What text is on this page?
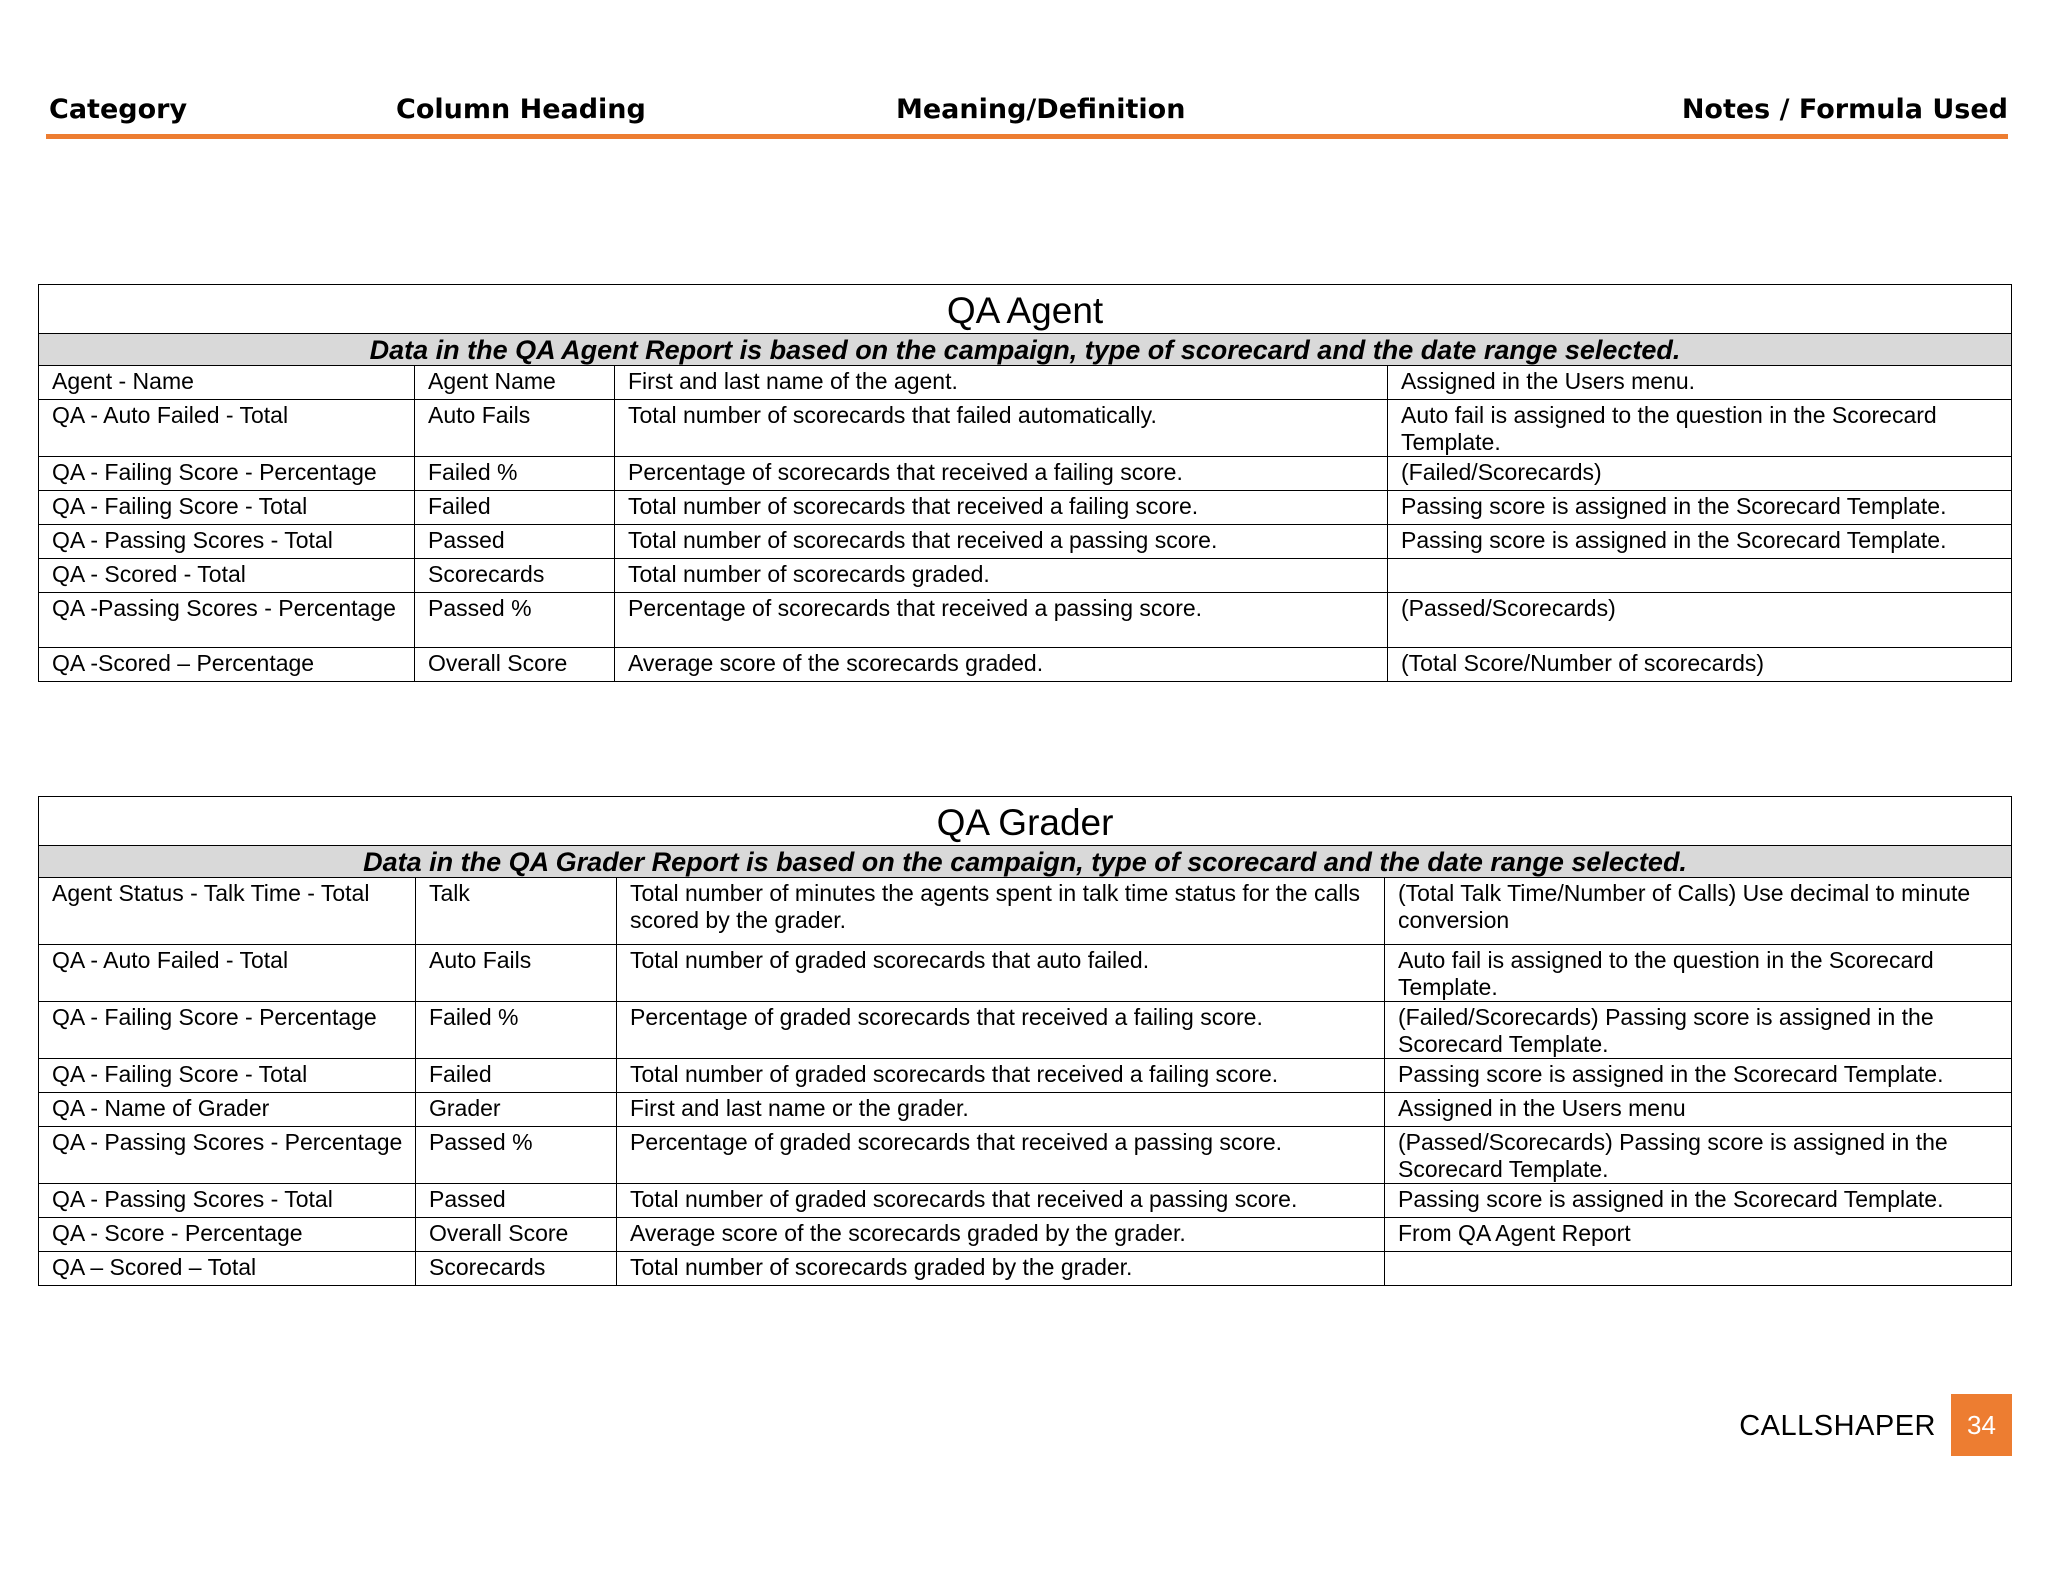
Category	Column Heading	Meaning/Definition	Notes / Formula Used
QA Agent			
Data in the QA Agent Report is based on the campaign, type of scorecard and the date range selected.			
Agent - Name	Agent Name	First and last name of the agent.	Assigned in the Users menu.
QA - Auto Failed - Total	Auto Fails	Total number of scorecards that failed automatically.	Auto fail is assigned to the question in the Scorecard Template.
QA - Failing Score - Percentage	Failed %	Percentage of scorecards that received a failing score.	(Failed/Scorecards)
QA - Failing Score - Total	Failed	Total number of scorecards that received a failing score.	Passing score is assigned in the Scorecard Template.
QA - Passing Scores - Total	Passed	Total number of scorecards that received a passing score.	Passing score is assigned in the Scorecard Template.
QA - Scored - Total	Scorecards	Total number of scorecards graded.	
QA -Passing Scores - Percentage	Passed %	Percentage of scorecards that received a passing score.	(Passed/Scorecards)
QA -Scored – Percentage	Overall Score	Average score of the scorecards graded.	(Total Score/Number of scorecards)
QA Grader			
Data in the QA Grader Report is based on the campaign, type of scorecard and the date range selected.			
Agent Status - Talk Time - Total	Talk	Total number of minutes the agents spent in talk time status for the calls scored by the grader.	(Total Talk Time/Number of Calls) Use decimal to minute conversion
QA - Auto Failed - Total	Auto Fails	Total number of graded scorecards that auto failed.	Auto fail is assigned to the question in the Scorecard Template.
QA - Failing Score - Percentage	Failed %	Percentage of graded scorecards that received a failing score.	(Failed/Scorecards) Passing score is assigned in the Scorecard Template.
QA - Failing Score - Total	Failed	Total number of graded scorecards that received a failing score.	Passing score is assigned in the Scorecard Template.
QA - Name of Grader	Grader	First and last name or the grader.	Assigned in the Users menu
QA - Passing Scores - Percentage	Passed %	Percentage of graded scorecards that received a passing score.	(Passed/Scorecards) Passing score is assigned in the Scorecard Template.
QA - Passing Scores - Total	Passed	Total number of graded scorecards that received a passing score.	Passing score is assigned in the Scorecard Template.
QA - Score - Percentage	Overall Score	Average score of the scorecards graded by the grader.	From QA Agent Report
QA – Scored – Total	Scorecards	Total number of scorecards graded by the grader.	
CALLSHAPER	34
